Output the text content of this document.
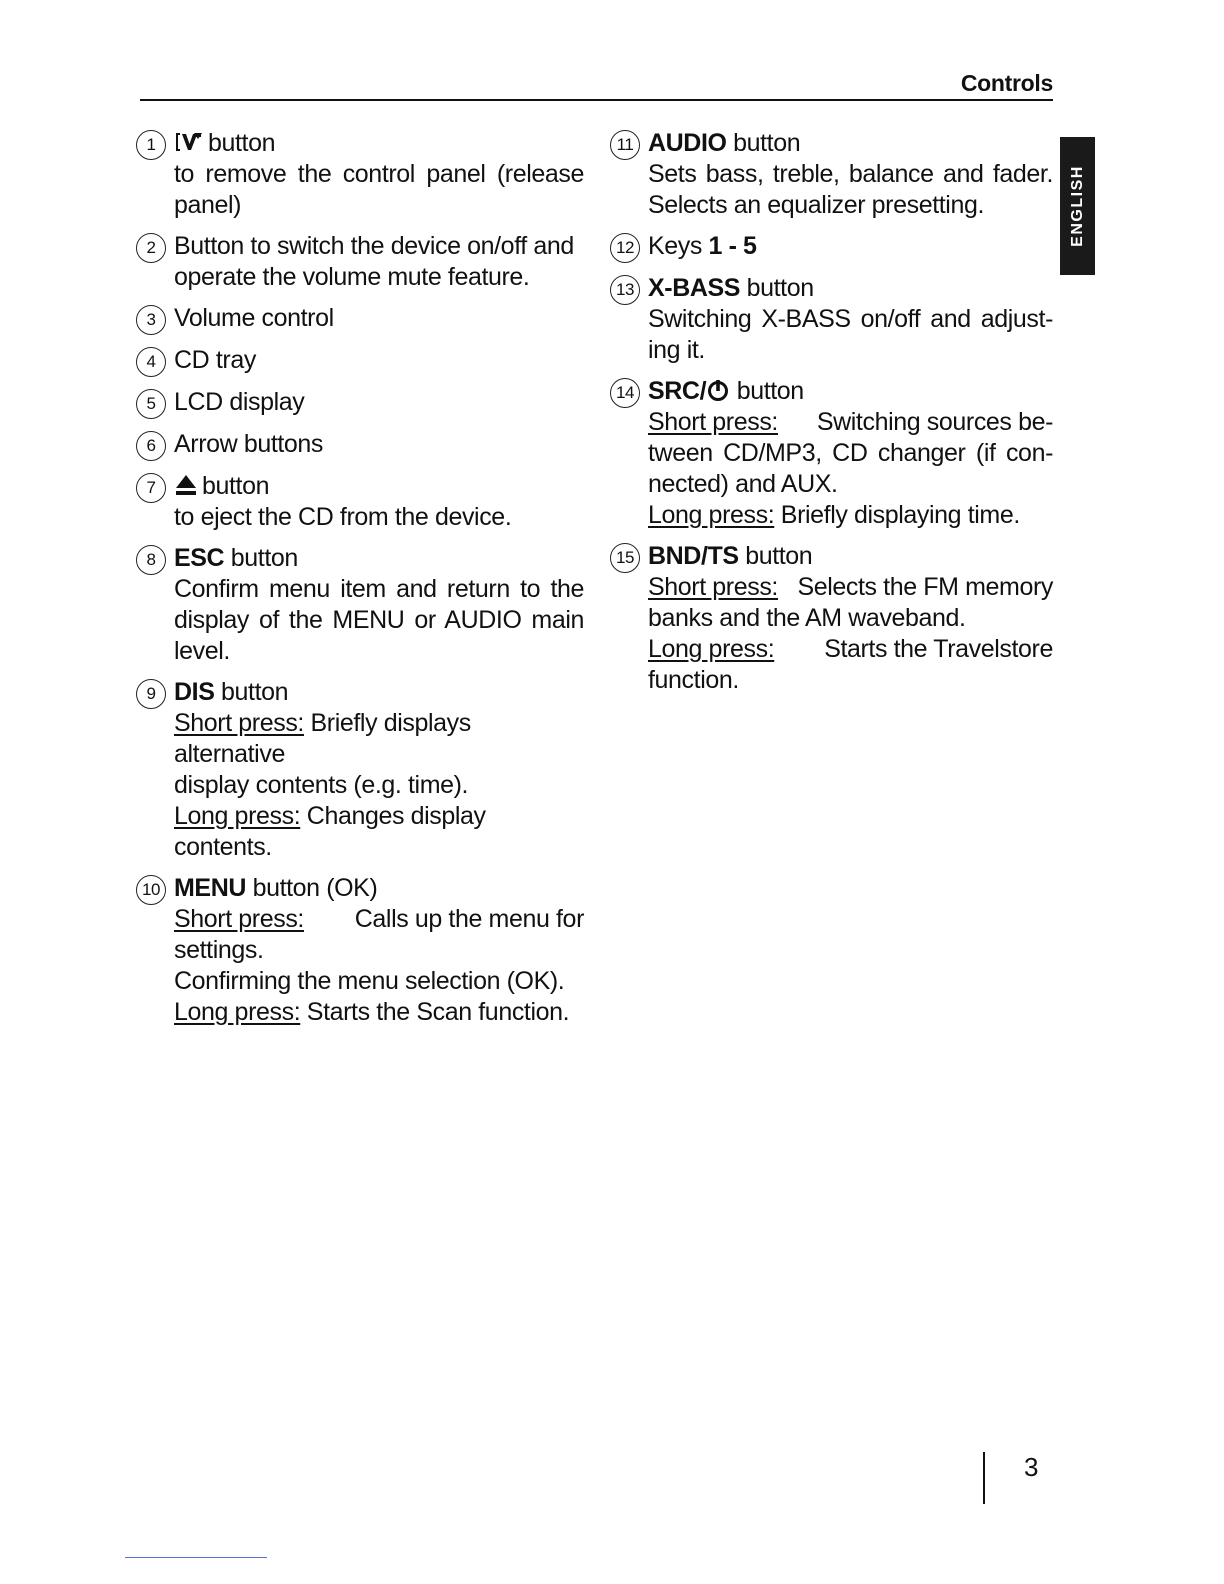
Controls
ENGLISH
1	button
to remove the control panel (release
panel)
2 Button to switch the device on/off and
operate the volume mute feature.
3 Volume control
4 CD tray
5 LCD display
6 Arrow buttons
7	button
to eject the CD from the device.
8 ESC button
Confirm menu item and return to the
display of the MENU or AUDIO main
level.
9 DIS button
Short press: Briefly displays alternative
display contents (e.g. time).
Long press: Changes display contents.
10 MENU button (OK)
Short press: Calls up the menu for
settings.
Confirming the menu selection (OK).
Long press: Starts the Scan function.
11 AUDIO button
Sets bass, treble, balance and fader.
Selects an equalizer presetting.
12 Keys 1 - 5
13 X-BASS button
Switching X-BASS on/off and adjust-
ing it.
14 SRC/ button
Short press: Switching sources be-
tween CD/MP3, CD changer (if con-
nected) and AUX.
Long press: Briefly displaying time.
15 BND/TS button
Short press: Selects the FM memory
banks and the AM waveband.
Long press: Starts the Travelstore
function.
3
